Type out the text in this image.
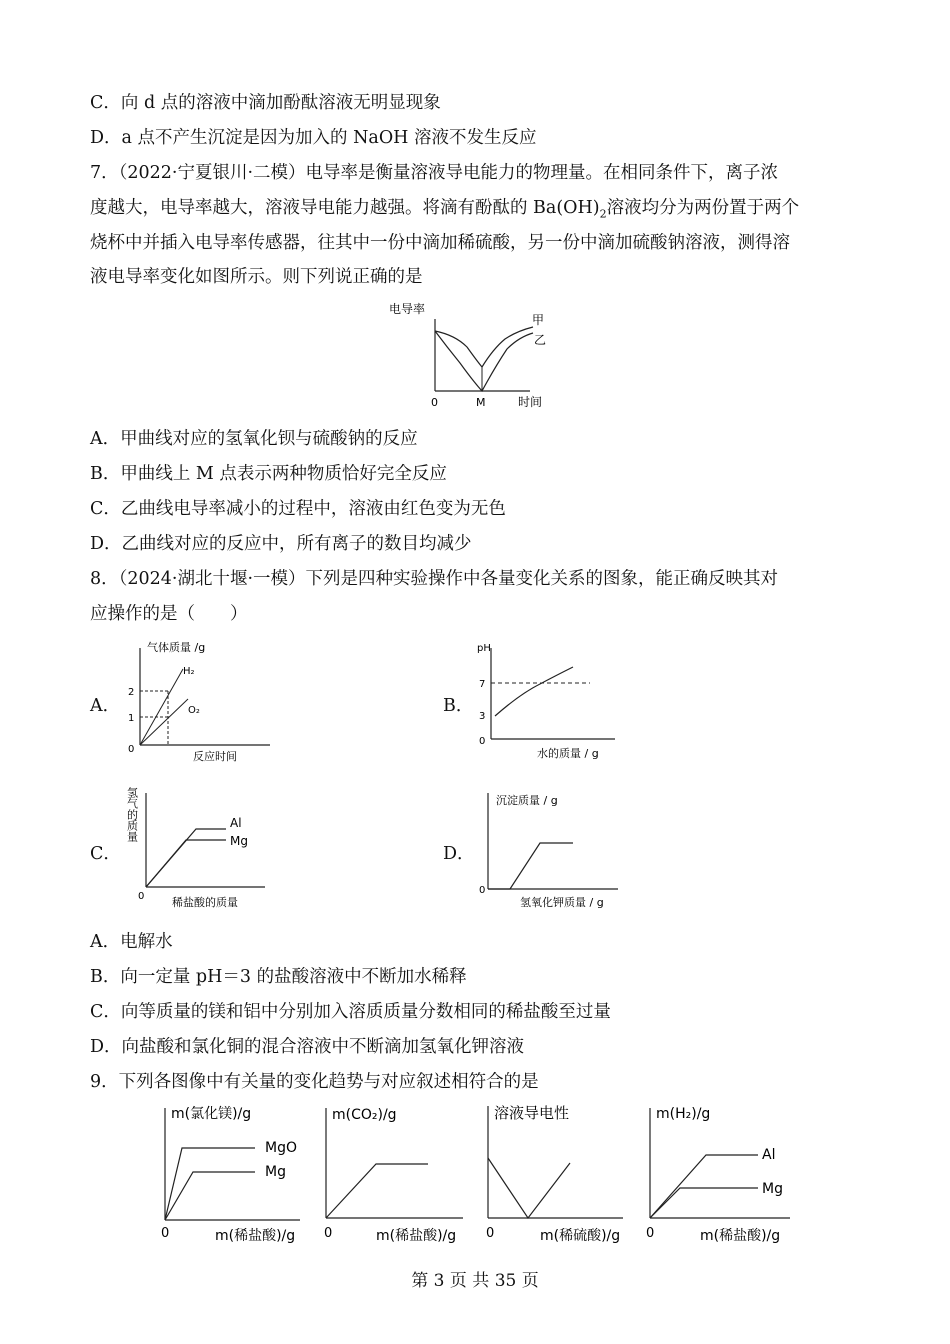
C．向 d 点的溶液中滴加酚酞溶液无明显现象
D．a 点不产生沉淀是因为加入的 NaOH 溶液不发生反应
7．（2022·宁夏银川·二模）电导率是衡量溶液导电能力的物理量。在相同条件下，离子浓
度越大，电导率越大，溶液导电能力越强。将滴有酚酞的 $Ba(OH)_2$溶液均分为两份置于两个
烧杯中并插入电导率传感器，往其中一份中滴加稀硫酸，另一份中滴加硫酸钠溶液，测得溶
液电导率变化如图所示。则下列说正确的是
电导率
甲
乙
0	M	时间
A．甲曲线对应的氢氧化钡与硫酸钠的反应
B．甲曲线上 M 点表示两种物质恰好完全反应
C．乙曲线电导率减小的过程中，溶液由红色变为无色
D．乙曲线对应的反应中，所有离子的数目均减少
8．（2024·湖北十堰·一模）下列是四种实验操作中各量变化关系的图象，能正确反映其对
应操作的是（　　）
A．
气体质量 /g
2
1
H₂
O₂
0
反应时间
B．
pH
7
3
0
水的质量 / g
C．
氢气的质量	Al
Mg
0	稀盐酸的质量
D．
沉淀质量 / g
0
氢氧化钾质量 / g
A．电解水
B．向一定量 pH＝3 的盐酸溶液中不断加水稀释
C．向等质量的镁和铝中分别加入溶质质量分数相同的稀盐酸至过量
D．向盐酸和氯化铜的混合溶液中不断滴加氢氧化钾溶液
9．下列各图像中有关量的变化趋势与对应叙述相符合的是
m(氯化镁)/g
MgO
Mg
0	m(稀盐酸)/g
m(CO₂)/g
0	m(稀盐酸)/g
溶液导电性
0	m(稀硫酸)/g
m(H₂)/g
Al
Mg
0	m(稀盐酸)/g
第 3 页 共 35 页
